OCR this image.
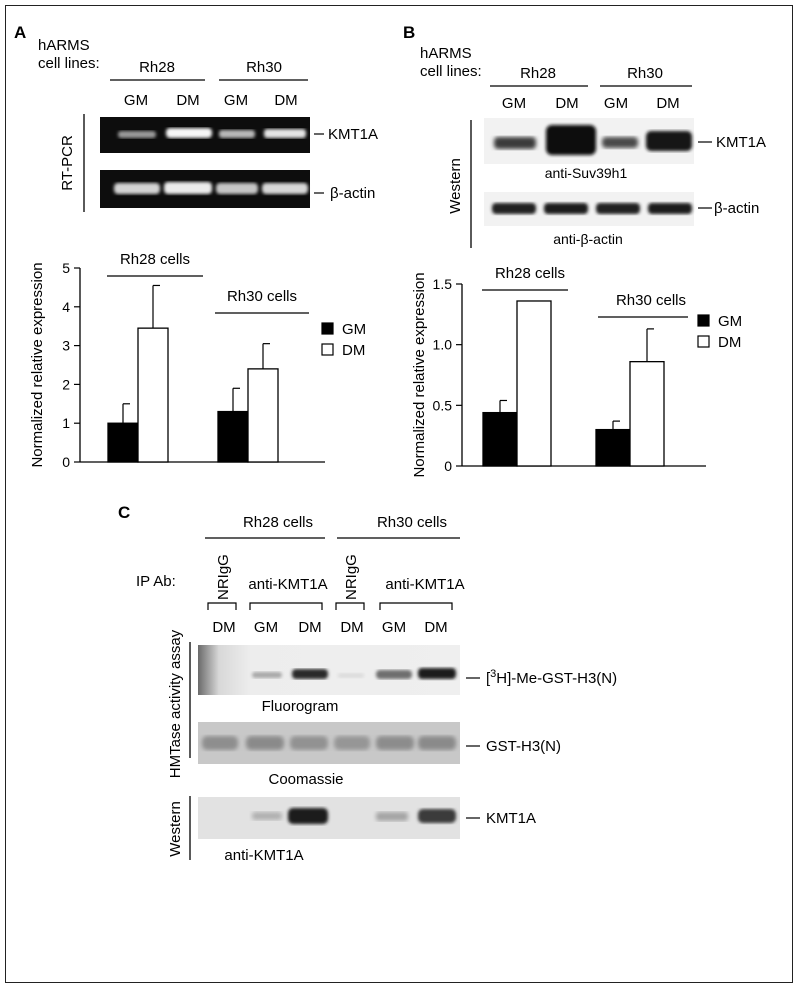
A
hARMS
cell lines:	Rh28	Rh30
GM DM GM DM
RT-PCR
KMT1A
β-actin
B
hARMS
cell lines:	Rh28	Rh30
GM DM GM DM
Western
KMT1A
anti-Suv39h1
β-actin
anti-β-actin
0
1
2
3
4
5
Normalized relative expression
Rh28 cells
Rh30 cells
GM
DM
0
0.5
1.0
1.5
Normalized relative expression	Rh28 cells
Rh30 cells
GM
DM
C
Rh28 cells	Rh30 cells
IP Ab:	NRIgG anti-KMT1A NRIgG anti-KMT1A
DM GM DM DM GM DM
HMTase activity assay
Western
[$^3$H]-Me-GST-H3(N)
Fluorogram
GST-H3(N)
Coomassie
KMT1A
anti-KMT1A
